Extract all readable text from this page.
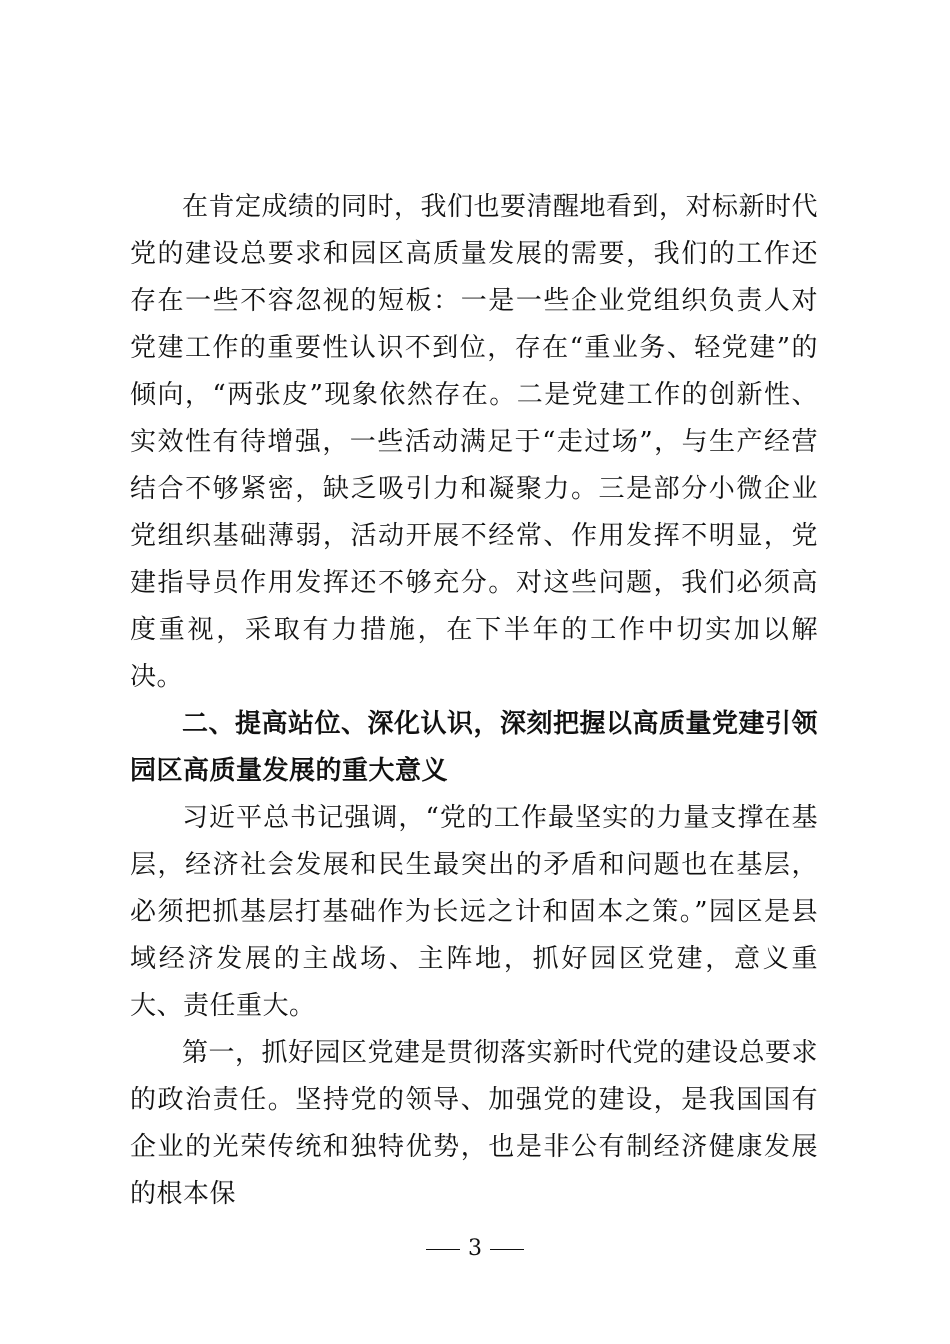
在肯定成绩的同时，我们也要清醒地看到，对标新时代党的建设总要求和园区高质量发展的需要，我们的工作还存在一些不容忽视的短板：一是一些企业党组织负责人对党建工作的重要性认识不到位，存在“重业务、轻党建”的倾向，“两张皮”现象依然存在。二是党建工作的创新性、实效性有待增强，一些活动满足于“走过场”，与生产经营结合不够紧密，缺乏吸引力和凝聚力。三是部分小微企业党组织基础薄弱，活动开展不经常、作用发挥不明显，党建指导员作用发挥还不够充分。对这些问题，我们必须高度重视，采取有力措施，在下半年的工作中切实加以解决。

二、提高站位、深化认识，深刻把握以高质量党建引领园区高质量发展的重大意义

习近平总书记强调，“党的工作最坚实的力量支撑在基层，经济社会发展和民生最突出的矛盾和问题也在基层，必须把抓基层打基础作为长远之计和固本之策。”园区是县域经济发展的主战场、主阵地，抓好园区党建，意义重大、责任重大。

第一，抓好园区党建是贯彻落实新时代党的建设总要求的政治责任。坚持党的领导、加强党的建设，是我国国有企业的光荣传统和独特优势，也是非公有制经济健康发展的根本保

3
